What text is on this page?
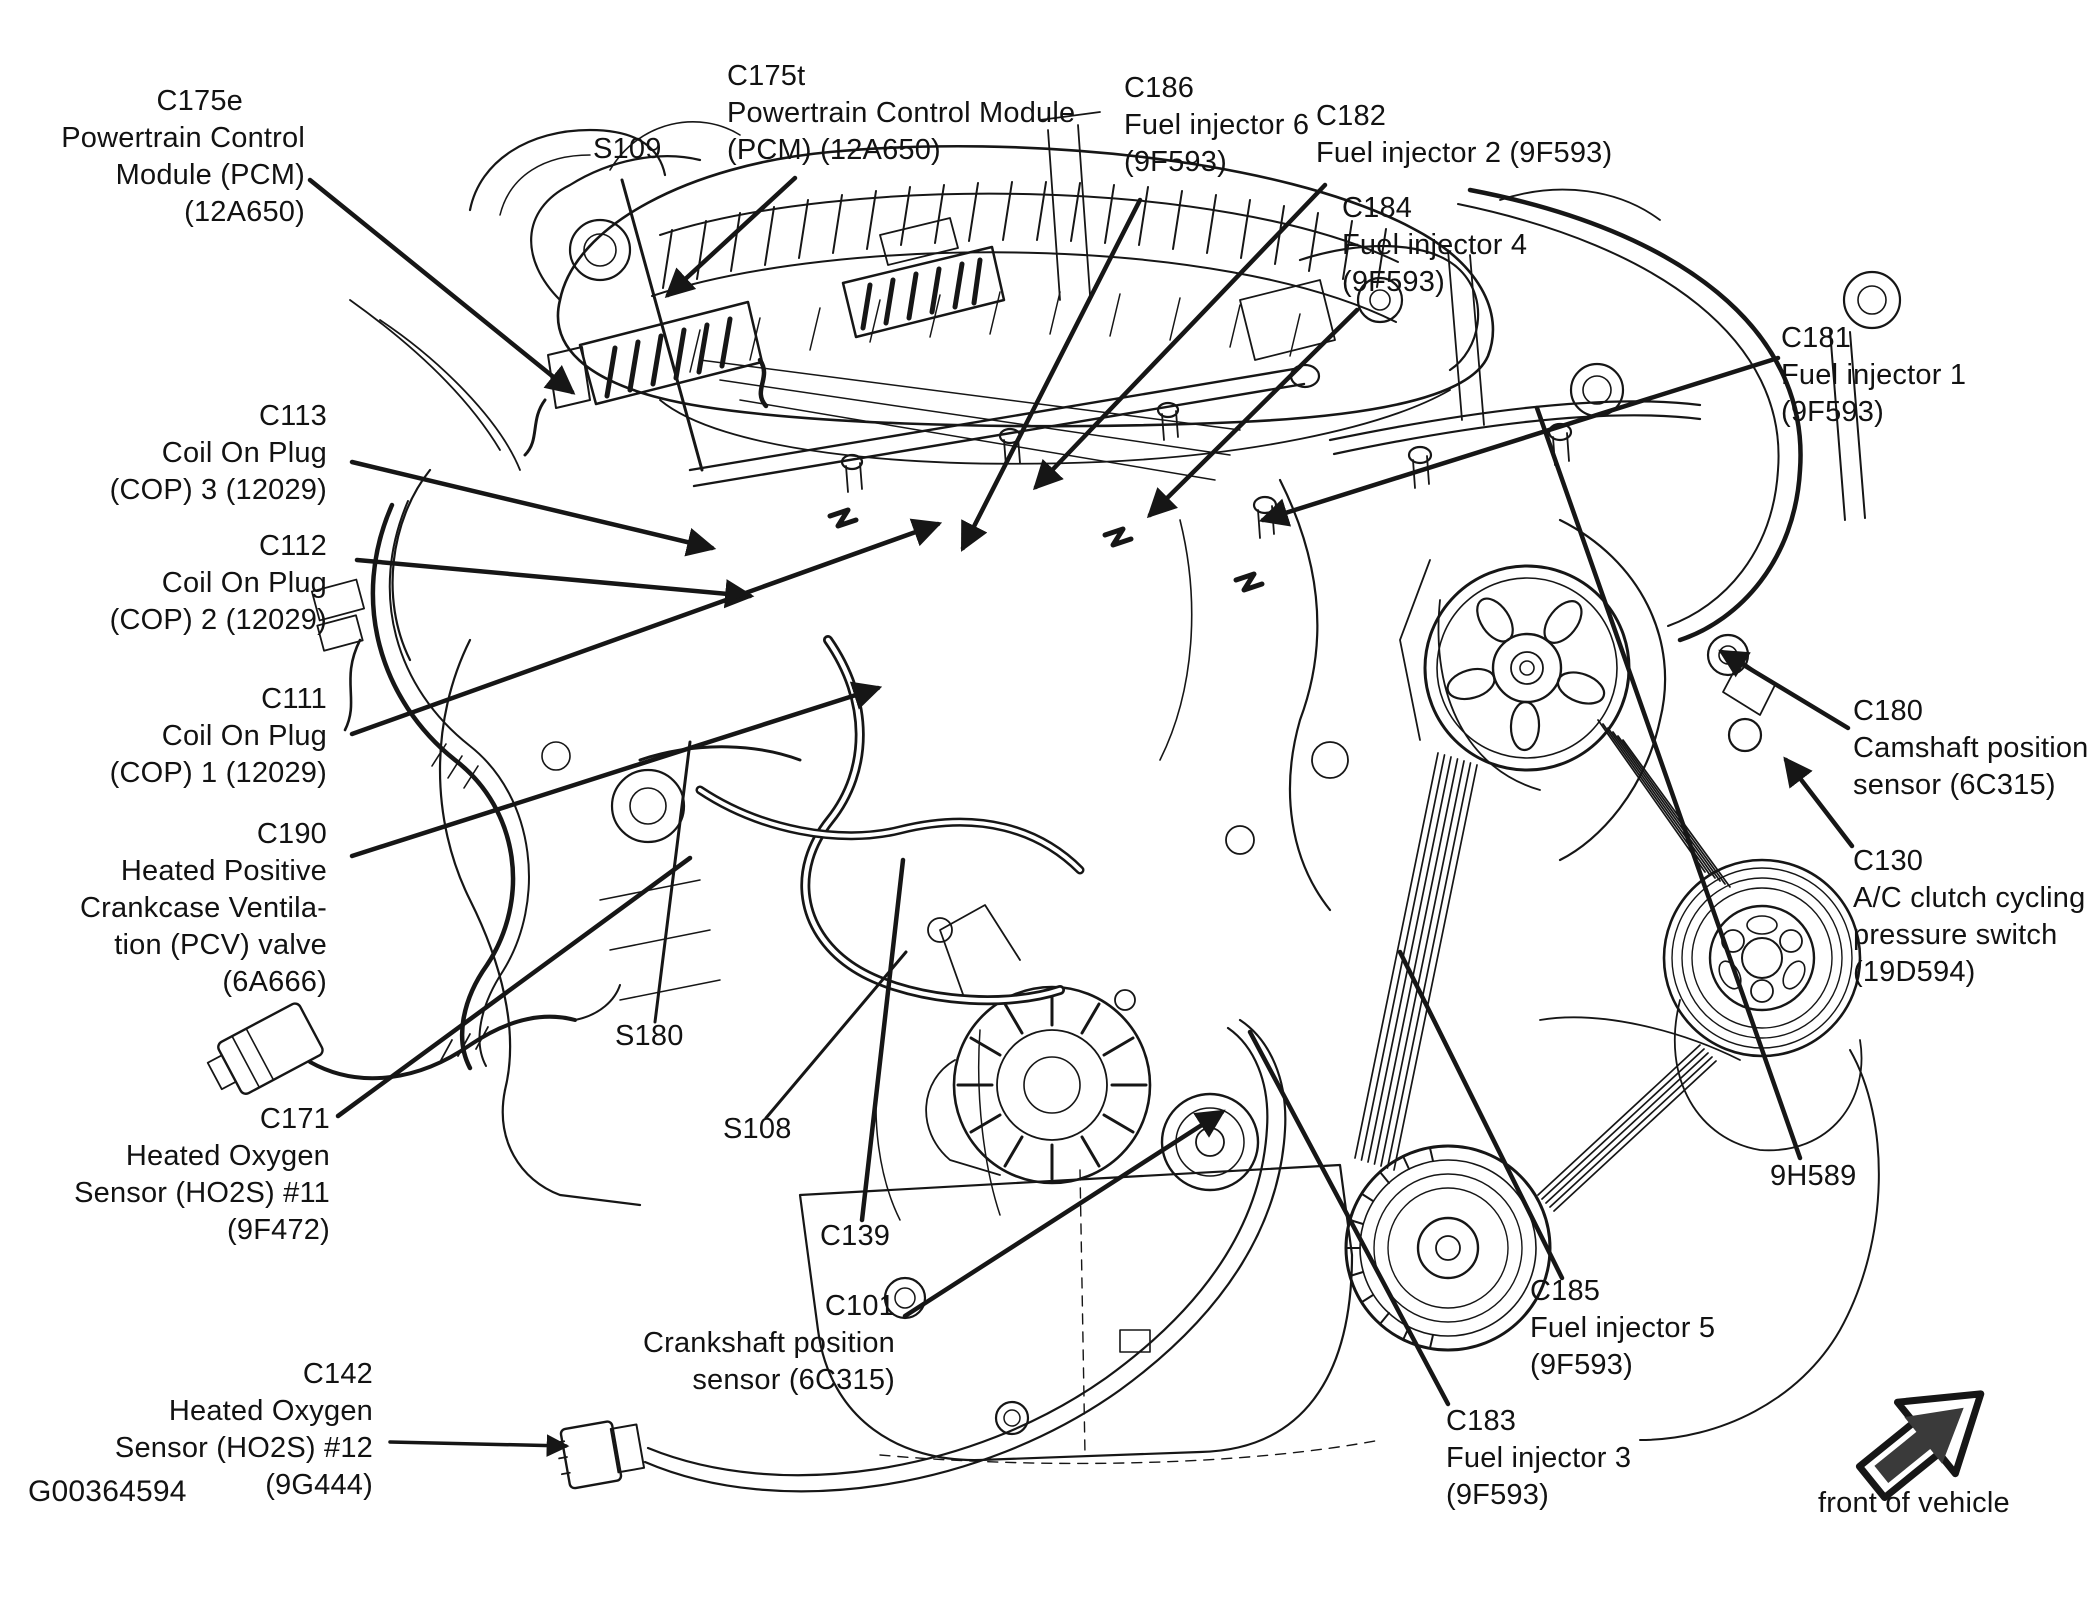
C175e
Powertrain Control
Module (PCM)
(12A650)
S109
C175t
Powertrain Control Module
(PCM) (12A650)
C186
Fuel injector 6
(9F593)
C182
Fuel injector 2 (9F593)
C184
Fuel injector 4
(9F593)
C181
Fuel injector 1
(9F593)
C113
Coil On Plug
(COP) 3 (12029)
C112
Coil On Plug
(COP) 2 (12029)
C111
Coil On Plug
(COP) 1 (12029)
C190
Heated Positive
Crankcase Ventila-
tion (PCV) valve
(6A666)
C171
Heated Oxygen
Sensor (HO2S) #11
(9F472)
C142
Heated Oxygen
Sensor (HO2S) #12
(9G444)
G00364594
S180
S108
C139
C101
Crankshaft position
sensor (6C315)
C183
Fuel injector 3
(9F593)
C185
Fuel injector 5
(9F593)
9H589
C180
Camshaft position
sensor (6C315)
C130
A/C clutch cycling
pressure switch
(19D594)
front of vehicle
